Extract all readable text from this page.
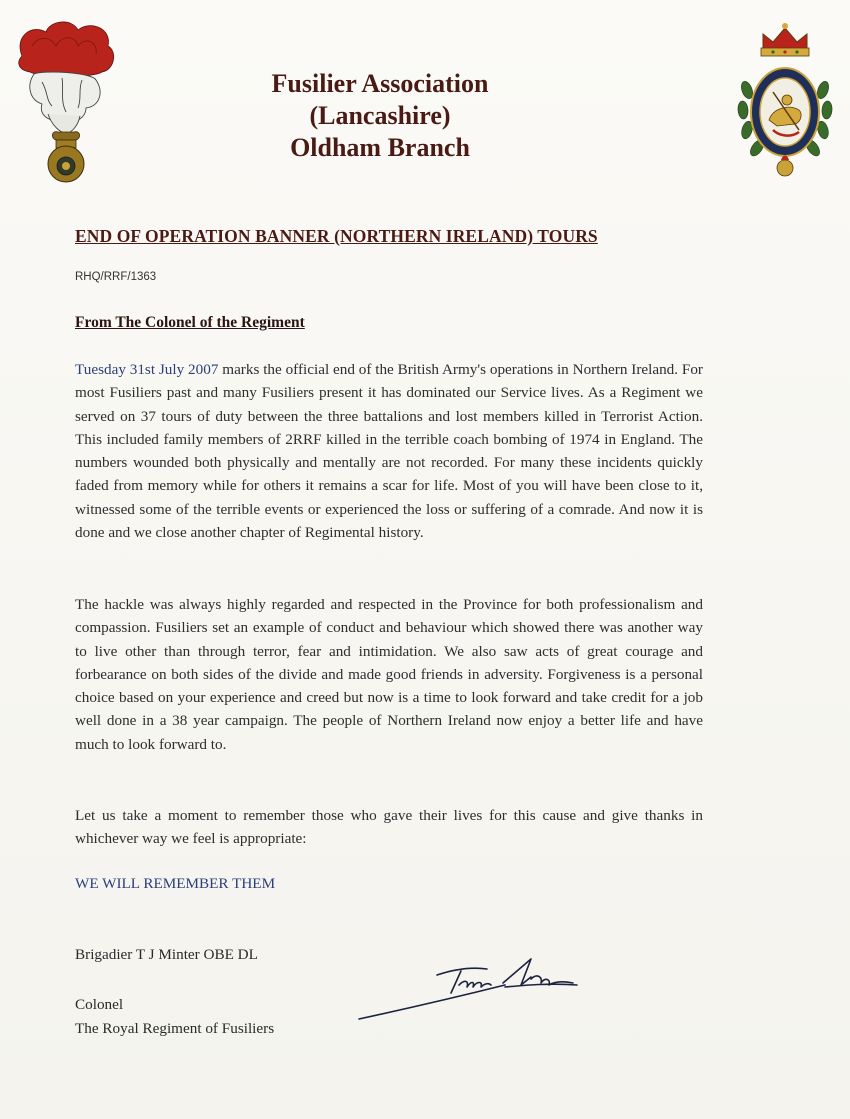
Fusilier Association
(Lancashire)
Oldham Branch
END OF OPERATION BANNER (NORTHERN IRELAND) TOURS
RHQ/RRF/1363
From The Colonel of the Regiment
Tuesday 31st July 2007 marks the official end of the British Army's operations in Northern Ireland. For most Fusiliers past and many Fusiliers present it has dominated our Service lives. As a Regiment we served on 37 tours of duty between the three battalions and lost members killed in Terrorist Action. This included family members of 2RRF killed in the terrible coach bombing of 1974 in England. The numbers wounded both physically and mentally are not recorded. For many these incidents quickly faded from memory while for others it remains a scar for life. Most of you will have been close to it, witnessed some of the terrible events or experienced the loss or suffering of a comrade. And now it is done and we close another chapter of Regimental history.
The hackle was always highly regarded and respected in the Province for both professionalism and compassion. Fusiliers set an example of conduct and behaviour which showed there was another way to live other than through terror, fear and intimidation. We also saw acts of great courage and forbearance on both sides of the divide and made good friends in adversity. Forgiveness is a personal choice based on your experience and creed but now is a time to look forward and take credit for a job well done in a 38 year campaign. The people of Northern Ireland now enjoy a better life and have much to look forward to.
Let us take a moment to remember those who gave their lives for this cause and give thanks in whichever way we feel is appropriate:
WE WILL REMEMBER THEM
Brigadier T J Minter OBE DL
Colonel
The Royal Regiment of Fusiliers
